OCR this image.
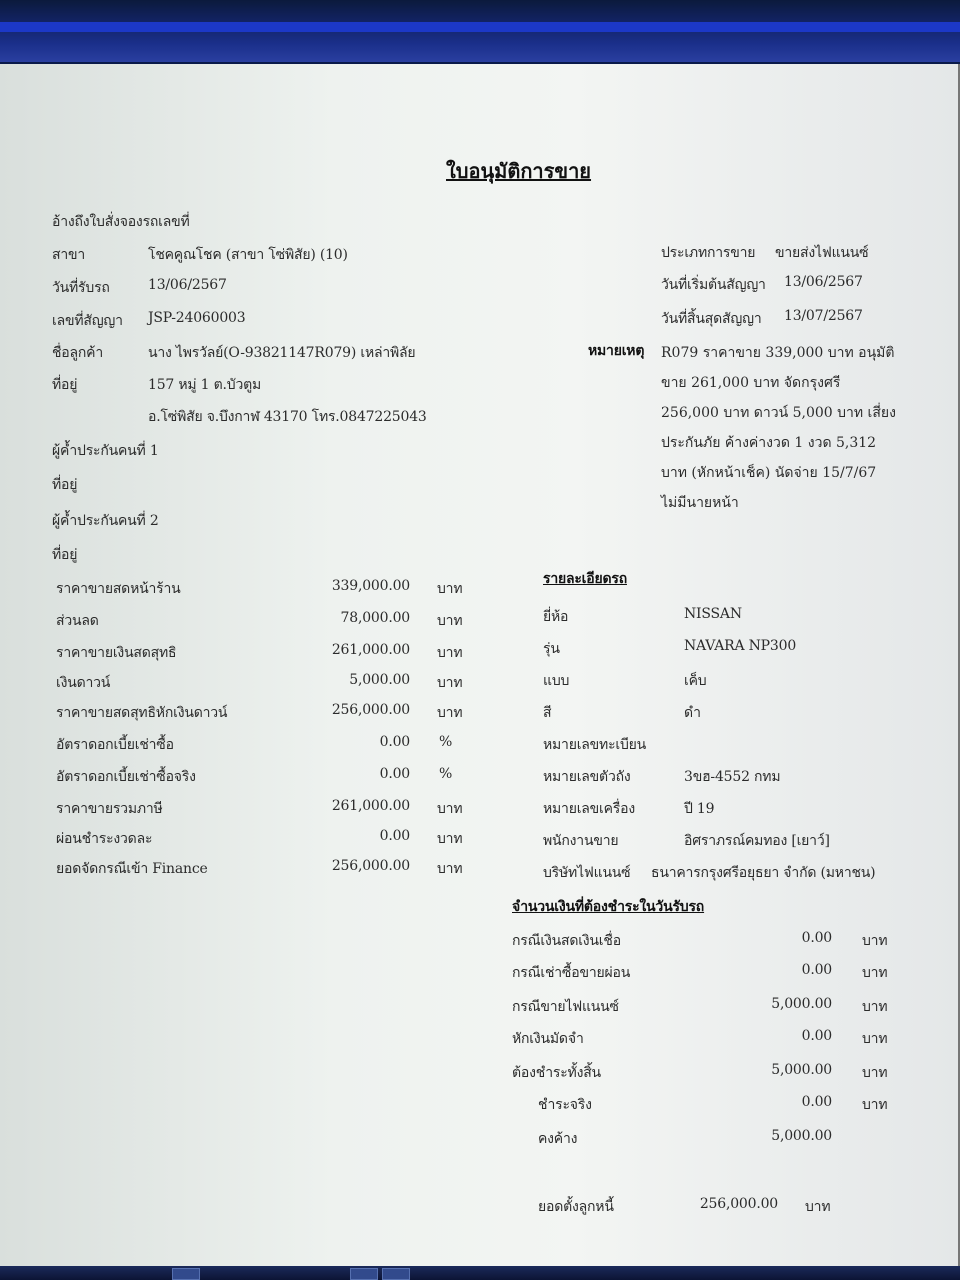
ใบอนุมัติการขาย
อ้างถึงใบสั่งจองรถเลขที่
สาขา	โชคคูณโชค (สาขา โซ่พิสัย) (10)
วันที่รับรถ	13/06/2567
เลขที่สัญญา JSP-24060003
ชื่อลูกค้า	นาง ไพรวัลย์(O-93821147R079) เหล่าพิลัย
ที่อยู่	157 หมู่ 1 ต.บัวตูม
อ.โซ่พิสัย จ.บึงกาฬ 43170 โทร.0847225043
ผู้ค้ำประกันคนที่ 1
ที่อยู่
ผู้ค้ำประกันคนที่ 2
ที่อยู่
ประเภทการขาย ขายส่งไฟแนนซ์
วันที่เริ่มต้นสัญญา 13/06/2567
วันที่สิ้นสุดสัญญา 13/07/2567
หมายเหตุ R079 ราคาขาย 339,000 บาท อนุมัติขาย 261,000 บาท จัดกรุงศรี 256,000 บาท ดาวน์ 5,000 บาท เสี่ยงประกันภัย ค้างค่างวด 1 งวด 5,312 บาท (หักหน้าเช็ค) นัดจ่าย 15/7/67 ไม่มีนายหน้า
ราคาขายสดหน้าร้าน	339,000.00 บาท
ส่วนลด	78,000.00 บาท
ราคาขายเงินสดสุทธิ	261,000.00 บาท
เงินดาวน์	5,000.00 บาท
ราคาขายสดสุทธิหักเงินดาวน์	256,000.00 บาท
อัตราดอกเบี้ยเช่าซื้อ	0.00 %
อัตราดอกเบี้ยเช่าซื้อจริง	0.00 %
ราคาขายรวมภาษี	261,000.00 บาท
ผ่อนชำระงวดละ	0.00 บาท
ยอดจัดกรณีเข้า Finance	256,000.00 บาท
รายละเอียดรถ
ยี่ห้อ	NISSAN
รุ่น	NAVARA NP300
แบบ	เค็บ
สี	ดำ
หมายเลขทะเบียน
หมายเลขตัวถัง	3ขฮ-4552 กทม
หมายเลขเครื่อง	ปี 19
พนักงานขาย	อิศราภรณ์คมทอง [เยาว์]
บริษัทไฟแนนซ์ ธนาคารกรุงศรีอยุธยา จำกัด (มหาชน)
จำนวนเงินที่ต้องชำระในวันรับรถ
กรณีเงินสดเงินเชื่อ	0.00 บาท
กรณีเช่าซื้อขายผ่อน	0.00 บาท
กรณีขายไฟแนนซ์	5,000.00 บาท
หักเงินมัดจำ	0.00 บาท
ต้องชำระทั้งสิ้น	5,000.00 บาท
ชำระจริง	0.00 บาท
คงค้าง	5,000.00
ยอดตั้งลูกหนี้	256,000.00 บาท
